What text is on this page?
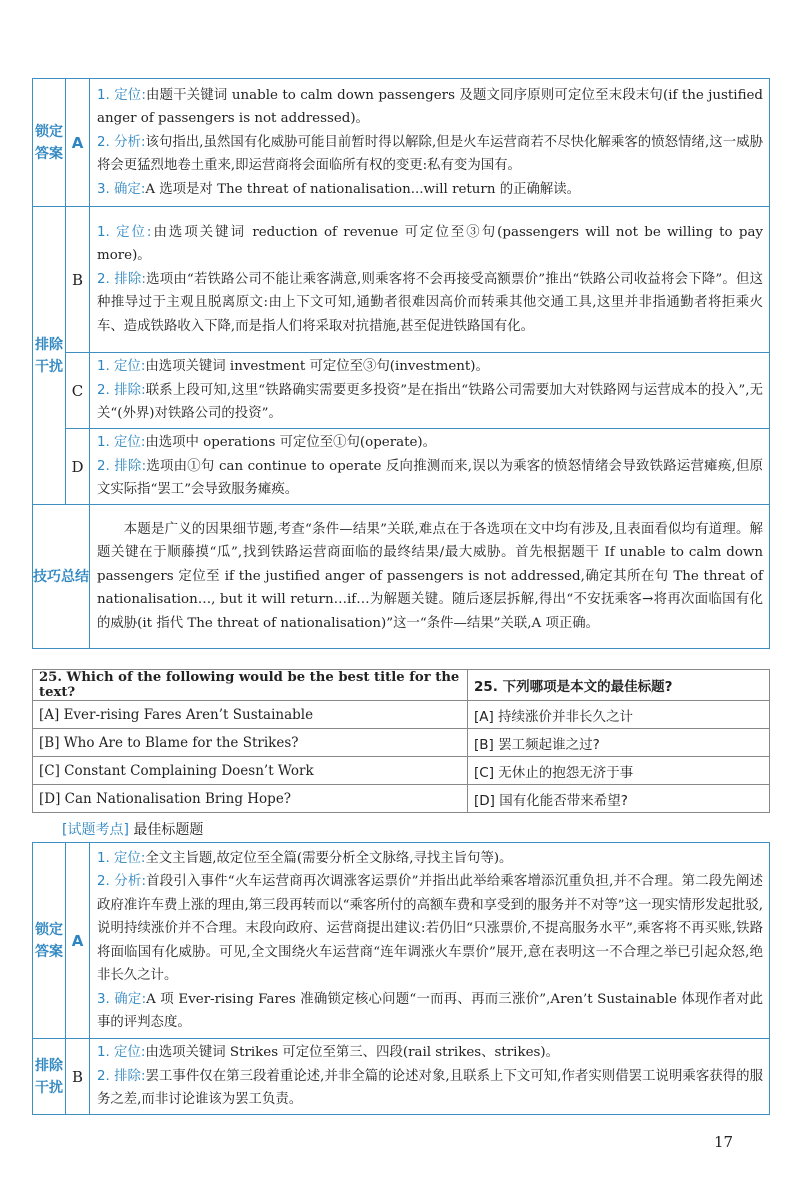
锁定答案	A	1. 定位:由题干关键词 unable to calm down passengers 及题文同序原则可定位至末段末句(if the justified anger of passengers is not addressed)。

2. 分析:该句指出,虽然国有化威胁可能目前暂时得以解除,但是火车运营商若不尽快化解乘客的愤怒情绪,这一威胁将会更猛烈地卷土重来,即运营商将会面临所有权的变更:私有变为国有。

3. 确定:A 选项是对 The threat of nationalisation...will return 的正确解读。

排除干扰	B	1. 定位:由选项关键词 reduction of revenue 可定位至③句(passengers will not be willing to pay more)。

2. 排除:选项由“若铁路公司不能让乘客满意,则乘客将不会再接受高额票价”推出“铁路公司收益将会下降”。但这种推导过于主观且脱离原文:由上下文可知,通勤者很难因高价而转乘其他交通工具,这里并非指通勤者将拒乘火车、造成铁路收入下降,而是指人们将采取对抗措施,甚至促进铁路国有化。

	C	1. 定位:由选项关键词 investment 可定位至③句(investment)。

2. 排除:联系上段可知,这里“铁路确实需要更多投资”是在指出“铁路公司需要加大对铁路网与运营成本的投入”,无关“(外界)对铁路公司的投资”。

	D	1. 定位:由选项中 operations 可定位至①句(operate)。

2. 排除:选项由①句 can continue to operate 反向推测而来,误以为乘客的愤怒情绪会导致铁路运营瘫痪,但原文实际指“罢工”会导致服务瘫痪。

技巧总结		本题是广义的因果细节题,考查“条件—结果”关联,难点在于各选项在文中均有涉及,且表面看似均有道理。解题关键在于顺藤摸“瓜”,找到铁路运营商面临的最终结果/最大威胁。首先根据题干 If unable to calm down passengers 定位至 if the justified anger of passengers is not addressed,确定其所在句 The threat of nationalisation…, but it will return…if…为解题关键。随后逐层拆解,得出“不安抚乘客→将再次面临国有化的威胁(it 指代 The threat of nationalisation)”这一“条件—结果”关联,A 项正确。

25. Which of the following would be the best title for the text?	25. 下列哪项是本文的最佳标题?
[A] Ever-rising Fares Aren’t Sustainable	[A] 持续涨价并非长久之计
[B] Who Are to Blame for the Strikes?	[B] 罢工频起谁之过?
[C] Constant Complaining Doesn’t Work	[C] 无休止的抱怨无济于事
[D] Can Nationalisation Bring Hope?	[D] 国有化能否带来希望?
[试题考点] 最佳标题题
锁定答案	A	1. 定位:全文主旨题,故定位至全篇(需要分析全文脉络,寻找主旨句等)。

2. 分析:首段引入事件“火车运营商再次调涨客运票价”并指出此举给乘客增添沉重负担,并不合理。第二段先阐述政府准许车费上涨的理由,第三段再转而以“乘客所付的高额车费和享受到的服务并不对等”这一现实情形发起批驳,说明持续涨价并不合理。末段向政府、运营商提出建议:若仍旧“只涨票价,不提高服务水平”,乘客将不再买账,铁路将面临国有化威胁。可见,全文围绕火车运营商“连年调涨火车票价”展开,意在表明这一不合理之举已引起众怒,绝非长久之计。

3. 确定:A 项 Ever-rising Fares 准确锁定核心问题“一而再、再而三涨价”,Aren’t Sustainable 体现作者对此事的评判态度。

排除干扰	B	1. 定位:由选项关键词 Strikes 可定位至第三、四段(rail strikes、strikes)。

2. 排除:罢工事件仅在第三段着重论述,并非全篇的论述对象,且联系上下文可知,作者实则借罢工说明乘客获得的服务之差,而非讨论谁该为罢工负责。

17
